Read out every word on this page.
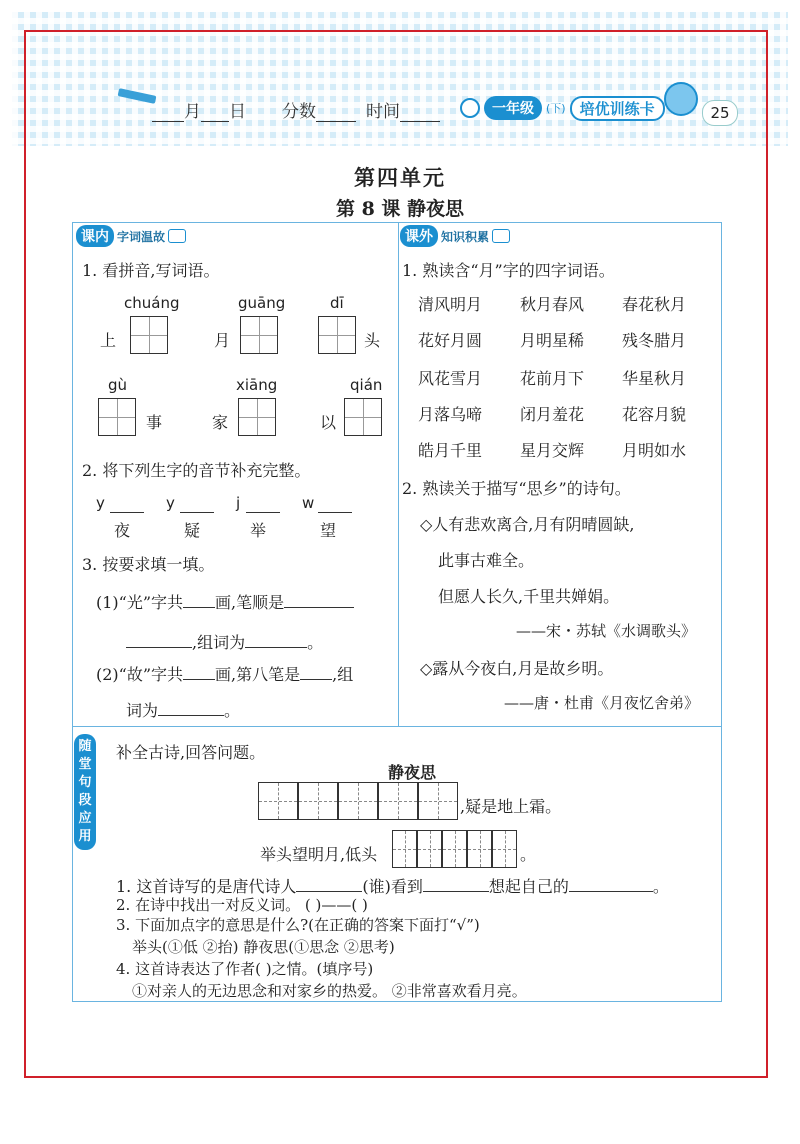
月 日 分数	时间	一年级	(下) 培优训练卡	25
第四单元
第 8 课 静夜思
课内 字词温故
1. 看拼音,写词语。
chuáng
上
guāng
月
dī
头
gù
事
xiāng
家
qián
以
2. 将下列生字的音节补充完整。
y
夜
y
疑
j
举
w
望
3. 按要求填一填。
(1)“光”字共 画,笔顺是
,组词为	。
(2)“故”字共 画,第八笔是 ,组
词为	。
课外 知识积累
1. 熟读含“月”字的四字词语。
清风明月 秋月春风 春花秋月
花好月圆 月明星稀 残冬腊月
风花雪月 花前月下 华星秋月
月落乌啼 闭月羞花 花容月貌
皓月千里 星月交辉 月明如水
2. 熟读关于描写“思乡”的诗句。
◇人有悲欢离合,月有阴晴圆缺,
此事古难全。
但愿人长久,千里共婵娟。
——宋・苏轼《水调歌头》
◇露从今夜白,月是故乡明。
——唐・杜甫《月夜忆舍弟》
随
堂
句
段
应
用
补全古诗,回答问题。
静夜思
,疑是地上霜。
举头望明月,低头	。
1. 这首诗写的是唐代诗人	(谁)看到	想起自己的	。
2. 在诗中找出一对反义词。 ( )——( )
3. 下面加点字的意思是什么?(在正确的答案下面打“√”)
举头(①低 ②抬) 静夜思(①思念 ②思考)
4. 这首诗表达了作者( )之情。(填序号)
①对亲人的无边思念和对家乡的热爱。 ②非常喜欢看月亮。
